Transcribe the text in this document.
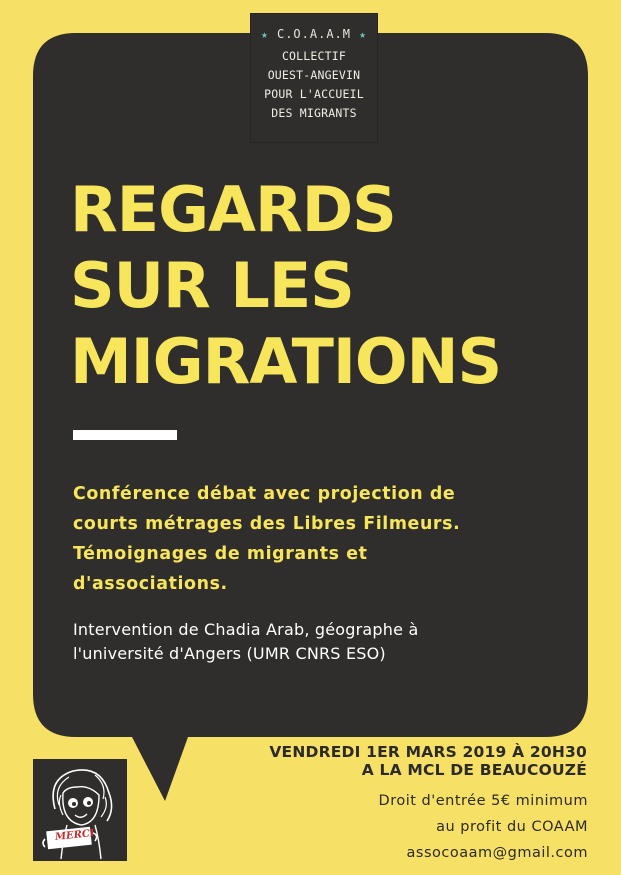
★ C.O.A.A.M ★
COLLECTIF
OUEST-ANGEVIN
POUR L'ACCUEIL
DES MIGRANTS
REGARDS
SUR LES
MIGRATIONS
Conférence débat avec projection de
courts métrages des Libres Filmeurs.
Témoignages de migrants et
d'associations.
Intervention de Chadia Arab, géographe à
l'université d'Angers (UMR CNRS ESO)
MERCI
VENDREDI 1ER MARS 2019 À 20H30
A LA MCL DE BEAUCOUZÉ
Droit d'entrée 5€ minimum
au profit du COAAM
assocoaam@gmail.com
